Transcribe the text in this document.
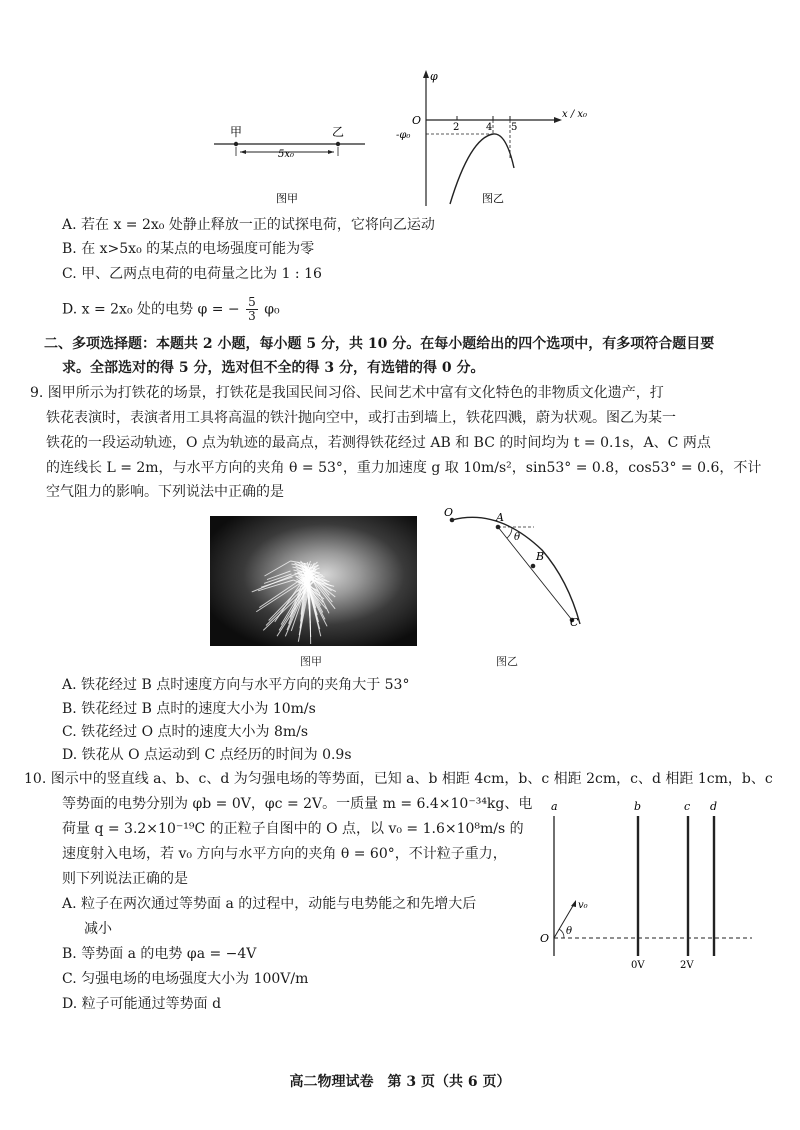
甲	乙
5x₀
图甲
φ
x / x₀
O
2	4 5
-φ₀
图乙
A. 若在 x = 2x₀ 处静止释放一正的试探电荷，它将向乙运动
B. 在 x>5x₀ 的某点的电场强度可能为零
C. 甲、乙两点电荷的电荷量之比为 1 : 16
D. x = 2x₀ 处的电势 φ = − $\frac{5}{3} \varphi_0$
二、多项选择题：本题共 2 小题，每小题 5 分，共 10 分。在每小题给出的四个选项中，有多项符合题目要
求。全部选对的得 5 分，选对但不全的得 3 分，有选错的得 0 分。
9. 图甲所示为打铁花的场景，打铁花是我国民间习俗、民间艺术中富有文化特色的非物质文化遗产，打
铁花表演时，表演者用工具将高温的铁汁抛向空中，或打击到墙上，铁花四溅，蔚为状观。图乙为某一
铁花的一段运动轨迹，O 点为轨迹的最高点，若测得铁花经过 AB 和 BC 的时间均为 t = 0.1s，A、C 两点
的连线长 L = 2m，与水平方向的夹角 θ = 53°，重力加速度 g 取 10m/s²，sin53° = 0.8，cos53° = 0.6，不计
空气阻力的影响。下列说法中正确的是
图甲
O	A
B
C
θ
图乙
A. 铁花经过 B 点时速度方向与水平方向的夹角大于 53°
B. 铁花经过 B 点时的速度大小为 10m/s
C. 铁花经过 O 点时的速度大小为 8m/s
D. 铁花从 O 点运动到 C 点经历的时间为 0.9s
10. 图示中的竖直线 a、b、c、d 为匀强电场的等势面，已知 a、b 相距 4cm，b、c 相距 2cm，c、d 相距 1cm，b、c
等势面的电势分别为 φb = 0V，φc = 2V。一质量 m = 6.4×10⁻³⁴kg、电
荷量 q = 3.2×10⁻¹⁹C 的正粒子自图中的 O 点，以 v₀ = 1.6×10⁸m/s 的
速度射入电场，若 v₀ 方向与水平方向的夹角 θ = 60°，不计粒子重力，
则下列说法正确的是
A. 粒子在两次通过等势面 a 的过程中，动能与电势能之和先增大后
减小
B. 等势面 a 的电势 φa = −4V
C. 匀强电场的电场强度大小为 100V/m
D. 粒子可能通过等势面 d
a	b	c d
O
v₀
θ
0V	2V
高二物理试卷　第 3 页（共 6 页）
